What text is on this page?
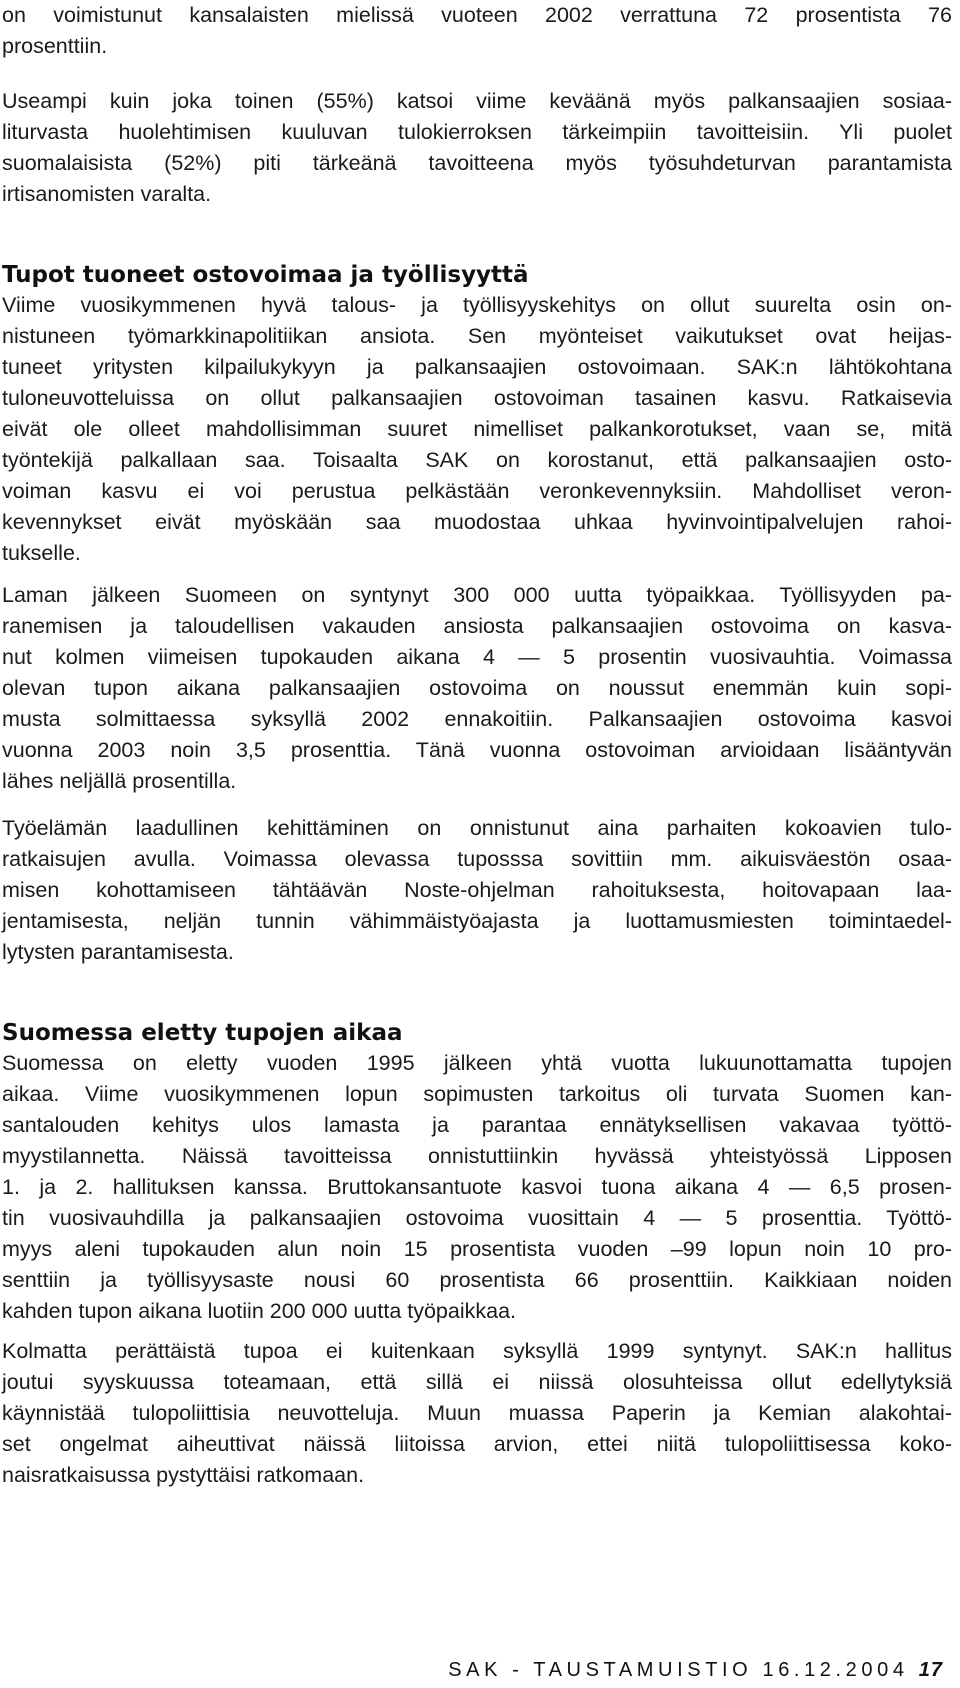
on voimistunut kansalaisten mielissä vuoteen 2002 verrattuna 72 prosentista 76
prosenttiin.
Useampi kuin joka toinen (55%) katsoi viime keväänä myös palkansaajien sosiaa-
liturvasta huolehtimisen kuuluvan tulokierroksen tärkeimpiin tavoitteisiin. Yli puolet
suomalaisista (52%) piti tärkeänä tavoitteena myös työsuhdeturvan parantamista
irtisanomisten varalta.
Tupot tuoneet ostovoimaa ja työllisyyttä
Viime vuosikymmenen hyvä talous- ja työllisyyskehitys on ollut suurelta osin on-
nistuneen työmarkkinapolitiikan ansiota. Sen myönteiset vaikutukset ovat heijas-
tuneet yritysten kilpailukykyyn ja palkansaajien ostovoimaan. SAK:n lähtökohtana
tuloneuvotteluissa on ollut palkansaajien ostovoiman tasainen kasvu. Ratkaisevia
eivät ole olleet mahdollisimman suuret nimelliset palkankorotukset, vaan se, mitä
työntekijä palkallaan saa. Toisaalta SAK on korostanut, että palkansaajien osto-
voiman kasvu ei voi perustua pelkästään veronkevennyksiin. Mahdolliset veron-
kevennykset eivät myöskään saa muodostaa uhkaa hyvinvointipalvelujen rahoi-
tukselle.
Laman jälkeen Suomeen on syntynyt 300 000 uutta työpaikkaa. Työllisyyden pa-
ranemisen ja taloudellisen vakauden ansiosta palkansaajien ostovoima on kasva-
nut kolmen viimeisen tupokauden aikana 4 — 5 prosentin vuosivauhtia. Voimassa
olevan tupon aikana palkansaajien ostovoima on noussut enemmän kuin sopi-
musta solmittaessa syksyllä 2002 ennakoitiin. Palkansaajien ostovoima kasvoi
vuonna 2003 noin 3,5 prosenttia. Tänä vuonna ostovoiman arvioidaan lisääntyvän
lähes neljällä prosentilla.
Työelämän laadullinen kehittäminen on onnistunut aina parhaiten kokoavien tulo-
ratkaisujen avulla. Voimassa olevassa tuposssa sovittiin mm. aikuisväestön osaa-
misen kohottamiseen tähtäävän Noste-ohjelman rahoituksesta, hoitovapaan laa-
jentamisesta, neljän tunnin vähimmäistyöajasta ja luottamusmiesten toimintaedel-
lytysten parantamisesta.
Suomessa eletty tupojen aikaa
Suomessa on eletty vuoden 1995 jälkeen yhtä vuotta lukuunottamatta tupojen
aikaa. Viime vuosikymmenen lopun sopimusten tarkoitus oli turvata Suomen kan-
santalouden kehitys ulos lamasta ja parantaa ennätyksellisen vakavaa työttö-
myystilannetta. Näissä tavoitteissa onnistuttiinkin hyvässä yhteistyössä Lipposen
1. ja 2. hallituksen kanssa. Bruttokansantuote kasvoi tuona aikana 4 — 6,5 prosen-
tin vuosivauhdilla ja palkansaajien ostovoima vuosittain 4 — 5 prosenttia. Työttö-
myys aleni tupokauden alun noin 15 prosentista vuoden –99 lopun noin 10 pro-
senttiin ja työllisyysaste nousi 60 prosentista 66 prosenttiin. Kaikkiaan noiden
kahden tupon aikana luotiin 200 000 uutta työpaikkaa.
Kolmatta perättäistä tupoa ei kuitenkaan syksyllä 1999 syntynyt. SAK:n hallitus
joutui syyskuussa toteamaan, että sillä ei niissä olosuhteissa ollut edellytyksiä
käynnistää tulopoliittisia neuvotteluja. Muun muassa Paperin ja Kemian alakohtai-
set ongelmat aiheuttivat näissä liitoissa arvion, ettei niitä tulopoliittisessa koko-
naisratkaisussa pystyttäisi ratkomaan.
SAK - TAUSTAMUISTIO 16.12.2004 17
